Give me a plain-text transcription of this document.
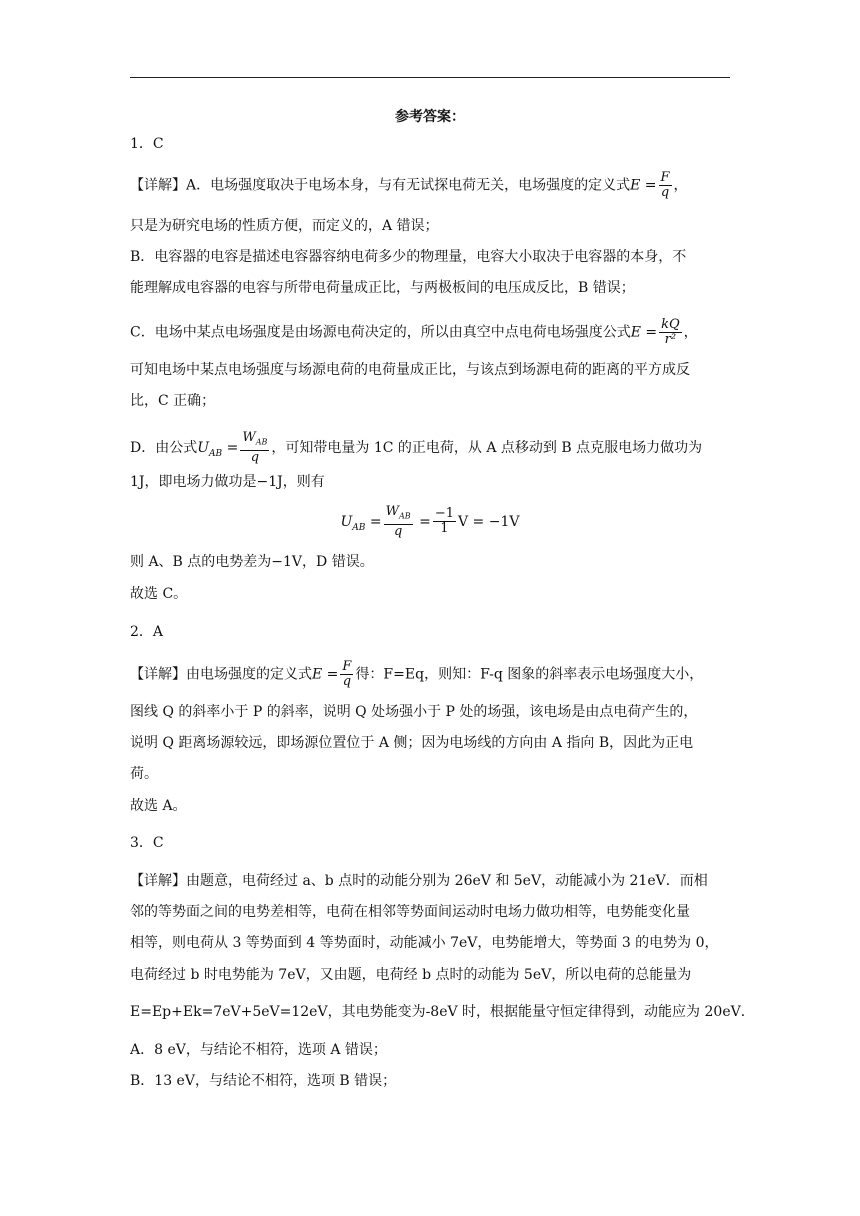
参考答案：
1．C
【详解】A．电场强度取决于电场本身，与有无试探电荷无关，电场强度的定义式$E = \frac{F}{q}$ ，
只是为研究电场的性质方便，而定义的，A 错误；
B．电容器的电容是描述电容器容纳电荷多少的物理量，电容大小取决于电容器的本身，不
能理解成电容器的电容与所带电荷量成正比，与两极板间的电压成反比，B 错误；
C．电场中某点电场强度是由场源电荷决定的，所以由真空中点电荷电场强度公式$E = \frac{kQ}{\text{r²}}$ ，
可知电场中某点电场强度与场源电荷的电荷量成正比，与该点到场源电荷的距离的平方成反
比，C 正确；
D．由公式$U_{AB} = \frac{W_{AB}}{q}$ ，可知带电量为 1C 的正电荷，从 A 点移动到 B 点克服电场力做功为
1J，即电场力做功是−1J，则有
$U_{AB} = \frac{W_{AB}}{q} = \frac{-1}{1}$ V = −1V
则 A、B 点的电势差为−1V，D 错误。
故选 C。
2．A
【详解】由电场强度的定义式$E = \frac{F}{q}$ 得：F=Eq，则知：F-q 图象的斜率表示电场强度大小，
图线 Q 的斜率小于 P 的斜率，说明 Q 处场强小于 P 处的场强，该电场是由点电荷产生的，
说明 Q 距离场源较远，即场源位置位于 A 侧；因为电场线的方向由 A 指向 B，因此为正电
荷。
故选 A。
3．C
【详解】由题意，电荷经过 a、b 点时的动能分别为 26eV 和 5eV，动能减小为 21eV．而相
邻的等势面之间的电势差相等，电荷在相邻等势面间运动时电场力做功相等，电势能变化量
相等，则电荷从 3 等势面到 4 等势面时，动能减小 7eV，电势能增大，等势面 3 的电势为 0，
电荷经过 b 时电势能为 7eV，又由题，电荷经 b 点时的动能为 5eV，所以电荷的总能量为
E=Ep+Ek=7eV+5eV=12eV，其电势能变为-8eV 时，根据能量守恒定律得到，动能应为 20eV．
A．8 eV，与结论不相符，选项 A 错误；
B．13 eV，与结论不相符，选项 B 错误；
